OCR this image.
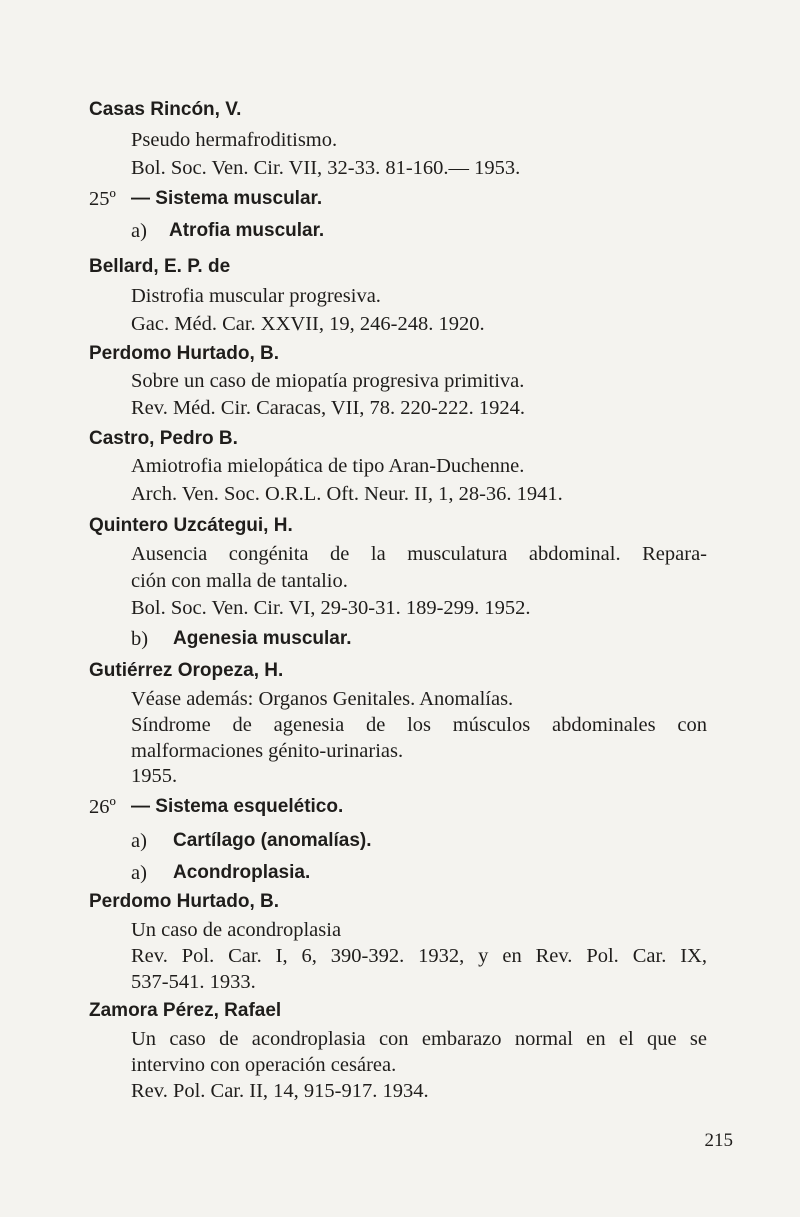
Casas Rincón, V.
Pseudo hermafroditismo.
Bol. Soc. Ven. Cir. VII, 32-33. 81-160.— 1953.
25º — Sistema muscular.
a) Atrofia muscular.
Bellard, E. P. de
Distrofia muscular progresiva.
Gac. Méd. Car. XXVII, 19, 246-248. 1920.
Perdomo Hurtado, B.
Sobre un caso de miopatía progresiva primitiva.
Rev. Méd. Cir. Caracas, VII, 78. 220-222. 1924.
Castro, Pedro B.
Amiotrofia mielopática de tipo Aran-Duchenne.
Arch. Ven. Soc. O.R.L. Oft. Neur. II, 1, 28-36. 1941.
Quintero Uzcátegui, H.
Ausencia congénita de la musculatura abdominal. Repara-
ción con malla de tantalio.
Bol. Soc. Ven. Cir. VI, 29-30-31. 189-299. 1952.
b) Agenesia muscular.
Gutiérrez Oropeza, H.
Véase además: Organos Genitales. Anomalías.
Síndrome de agenesia de los músculos abdominales con
malformaciones génito-urinarias.
1955.
26º — Sistema esquelético.
a) Cartílago (anomalías).
a) Acondroplasia.
Perdomo Hurtado, B.
Un caso de acondroplasia
Rev. Pol. Car. I, 6, 390-392. 1932, y en Rev. Pol. Car. IX,
537-541. 1933.
Zamora Pérez, Rafael
Un caso de acondroplasia con embarazo normal en el que se
intervino con operación cesárea.
Rev. Pol. Car. II, 14, 915-917. 1934.
215
